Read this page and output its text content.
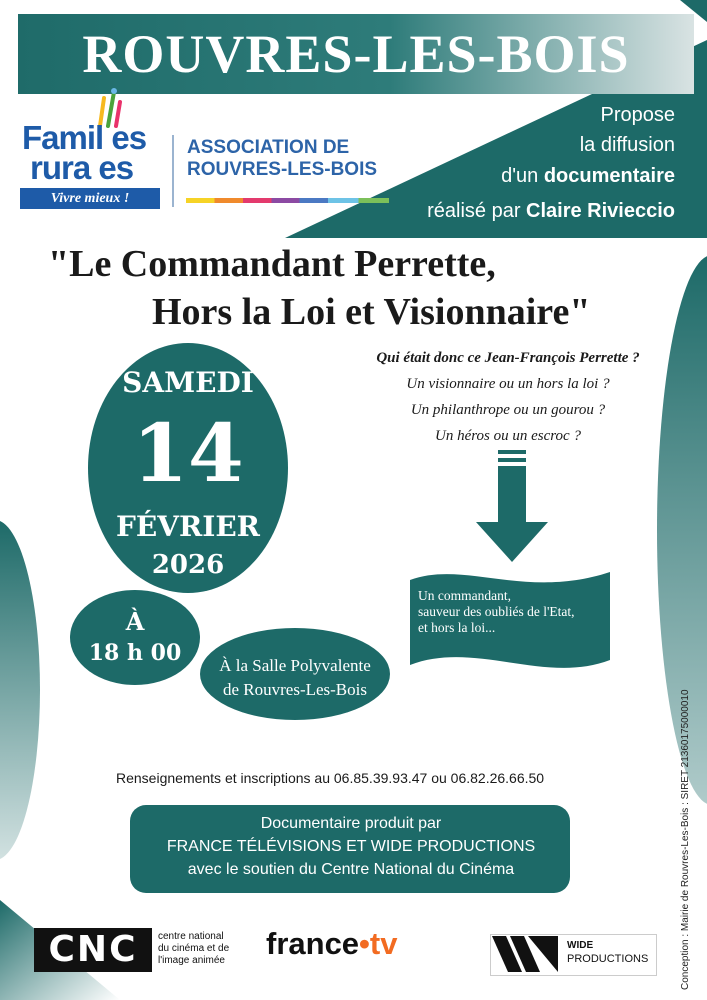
ROUVRES-LES-BOIS
Famil es
rura es
Vivre mieux !
ASSOCIATION DE
ROUVRES-LES-BOIS
Propose
la diffusion
d'un documentaire
réalisé par Claire Rivieccio
"Le Commandant Perrette,
Hors la Loi et Visionnaire"
SAMEDI
14
FÉVRIER
2026
À
18 h 00	À la Salle Polyvalente
de Rouvres-Les-Bois
Qui était donc ce Jean-François Perrette ?
Un visionnaire ou un hors la loi ?
Un philanthrope ou un gourou ?
Un héros ou un escroc ?
Un commandant,
sauveur des oubliés de l'Etat,
et hors la loi...
Renseignements et inscriptions au 06.85.39.93.47 ou 06.82.26.66.50
Documentaire produit par
FRANCE TÉLÉVISIONS ET WIDE PRODUCTIONS
avec le soutien du Centre National du Cinéma
CNC	centre national
du cinéma et de
l'image animée france•tv	WIDE
PRODUCTIONS	Conception : Mairie de Rouvres-Les-Bois : SIRET 21360175000010
